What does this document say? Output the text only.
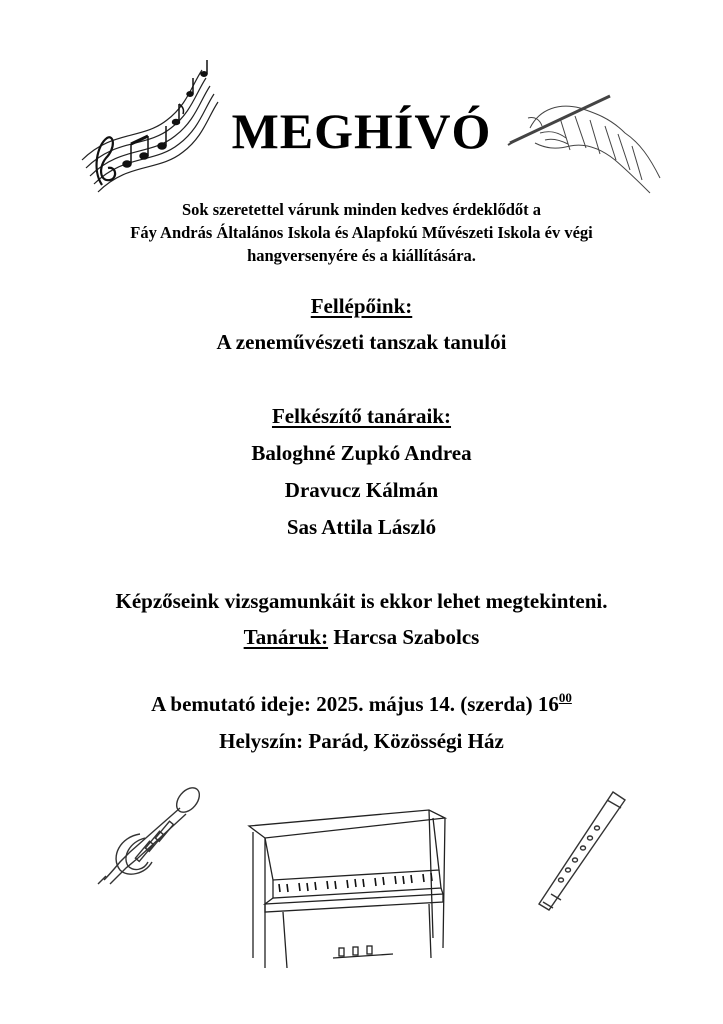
MEGHÍVÓ
Sok szeretettel várunk minden kedves érdeklődőt a
Fáy András Általános Iskola és Alapfokú Művészeti Iskola év végi
hangversenyére és a kiállítására.
Fellépőink:
A zeneművészeti tanszak tanulói
Felkészítő tanáraik:
Baloghné Zupkó Andrea
Dravucz Kálmán
Sas Attila László
Képzőseink vizsgamunkáit is ekkor lehet megtekinteni.
Tanáruk: Harcsa Szabolcs
A bemutató ideje: 2025. május 14. (szerda) $16^{00}$
Helyszín: Parád, Közösségi Ház
